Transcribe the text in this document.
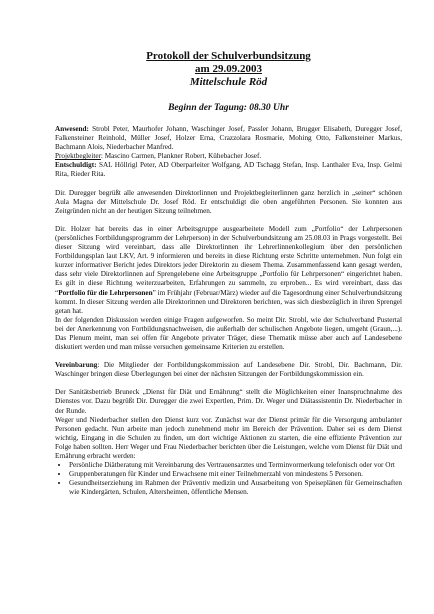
Protokoll der Schulverbundsitzung
am 29.09.2003
Mittelschule Röd
Beginn der Tagung: 08.30 Uhr
Anwesend: Strobl Peter, Maurhofer Johann, Waschinger Josef, Passler Johann, Brugger Elisabeth, Duregger Josef, Falkensteiner Reinhold, Müller Josef, Holzer Erna, Crazzolara Rosmarie, Mohing Otto, Falkensteiner Markus, Bachmann Alois, Niederbacher Manfred.
Projektbegleiter: Mascino Carmen, Plankner Robert, Kühebacher Josef.
Entschuldigt: SAL Höllrigl Peter, AD Oberparleiter Wolfgang, AD Tschagg Stefan, Insp. Lanthaler Eva, Insp. Gelmi Rita, Rieder Rita.

Dir. Duregger begrüßt alle anwesenden Direktorlinnen und Projektbegleiterlinnen ganz herzlich in „seiner“ schönen Aula Magna der Mittelschule Dr. Josef Röd. Er entschuldigt die oben angeführten Personen. Sie konnten aus Zeitgründen nicht an der heutigen Sitzung teilnehmen.

Dir. Holzer hat bereits das in einer Arbeitsgruppe ausgearbeitete Modell zum „Portfolio“ der Lehrpersonen (persönliches Fortbildungsprogramm der Lehrperson) in der Schulverbundsitzung am 25.08.03 in Prags vorgestellt. Bei dieser Sitzung wird vereinbart, dass alle Direktorlinnen ihr Lehrerlinnenkollegium über den persönlichen Fortbildungsplan laut LKV, Art. 9 informieren und bereits in diese Richtung erste Schritte unternehmen. Nun folgt ein kurzer informativer Bericht jedes Direktors jeder Direktorin zu diesem Thema. Zusammenfassend kann gesagt werden, dass sehr viele Direktorlinnen auf Sprengelebene eine Arbeitsgruppe „Portfolio für Lehrpersonen“ eingerichtet haben. Es gilt in diese Richtung weiterzuarbeiten, Erfahrungen zu sammeln, zu erproben... Es wird vereinbart, dass das “Portfolio für die Lehrpersonen” im Frühjahr (Februar/März) wieder auf die Tagesordnung einer Schulverbundsitzung kommt. In dieser Sitzung werden alle Direktorinnen und Direktoren berichten, was sich diesbezüglich in ihren Sprengel getan hat.

In der folgenden Diskussion werden einige Fragen aufgeworfen. So meint Dir. Strobl, wie der Schulverband Pustertal bei der Anerkennung von Fortbildungsnachweisen, die außerhalb der schulischen Angebote liegen, umgeht (Graun,...). Das Plenum meint, man sei offen für Angebote privater Träger, diese Thematik müsse aber auch auf Landesebene diskutiert werden und man müsse versuchen gemeinsame Kriterien zu erstellen.

Vereinbarung: Die Mitglieder der Fortbildungskommission auf Landesebene Dir. Strobl, Dir. Bachmann, Dir. Waschinger bringen diese Überlegungen bei einer der nächsten Sitzungen der Fortbildungskommission ein.

Der Sanitätsbetrieb Bruneck „Dienst für Diät und Ernährung“ stellt die Möglichkeiten einer Inanspruchnahme des Dienstes vor. Dazu begrüßt Dir. Duregger die zwei Expertlen, Prim. Dr. Weger und Diätassistentin Dr. Niederbacher in der Runde.

Weger und Niederbacher stellen den Dienst kurz vor. Zunächst war der Dienst primär für die Versorgung ambulanter Personen gedacht. Nun arbeite man jedoch zunehmend mehr im Bereich der Prävention. Daher sei es dem Dienst wichtig, Eingang in die Schulen zu finden, um dort wichtige Aktionen zu starten, die eine effiziente Prävention zur Folge haben sollten. Herr Weger und Frau Niederbacher berichten über die Leistungen, welche vom Dienst für Diät und Ernährung erbracht werden:

• Persönliche Diätberatung mit Vereinbarung des Vertrauensarztes und Terminvormerkung telefonisch oder vor Ort
• Gruppenberatungen für Kinder und Erwachsene mit einer Teilnehmerzahl von mindestens 5 Personen.
• Gesundheitserziehung im Rahmen der Präventiv medizin und Ausarbeitung von Speiseplänen für Gemeinschaften wie Kindergärten, Schulen, Altersheimen, öffentliche Mensen.
